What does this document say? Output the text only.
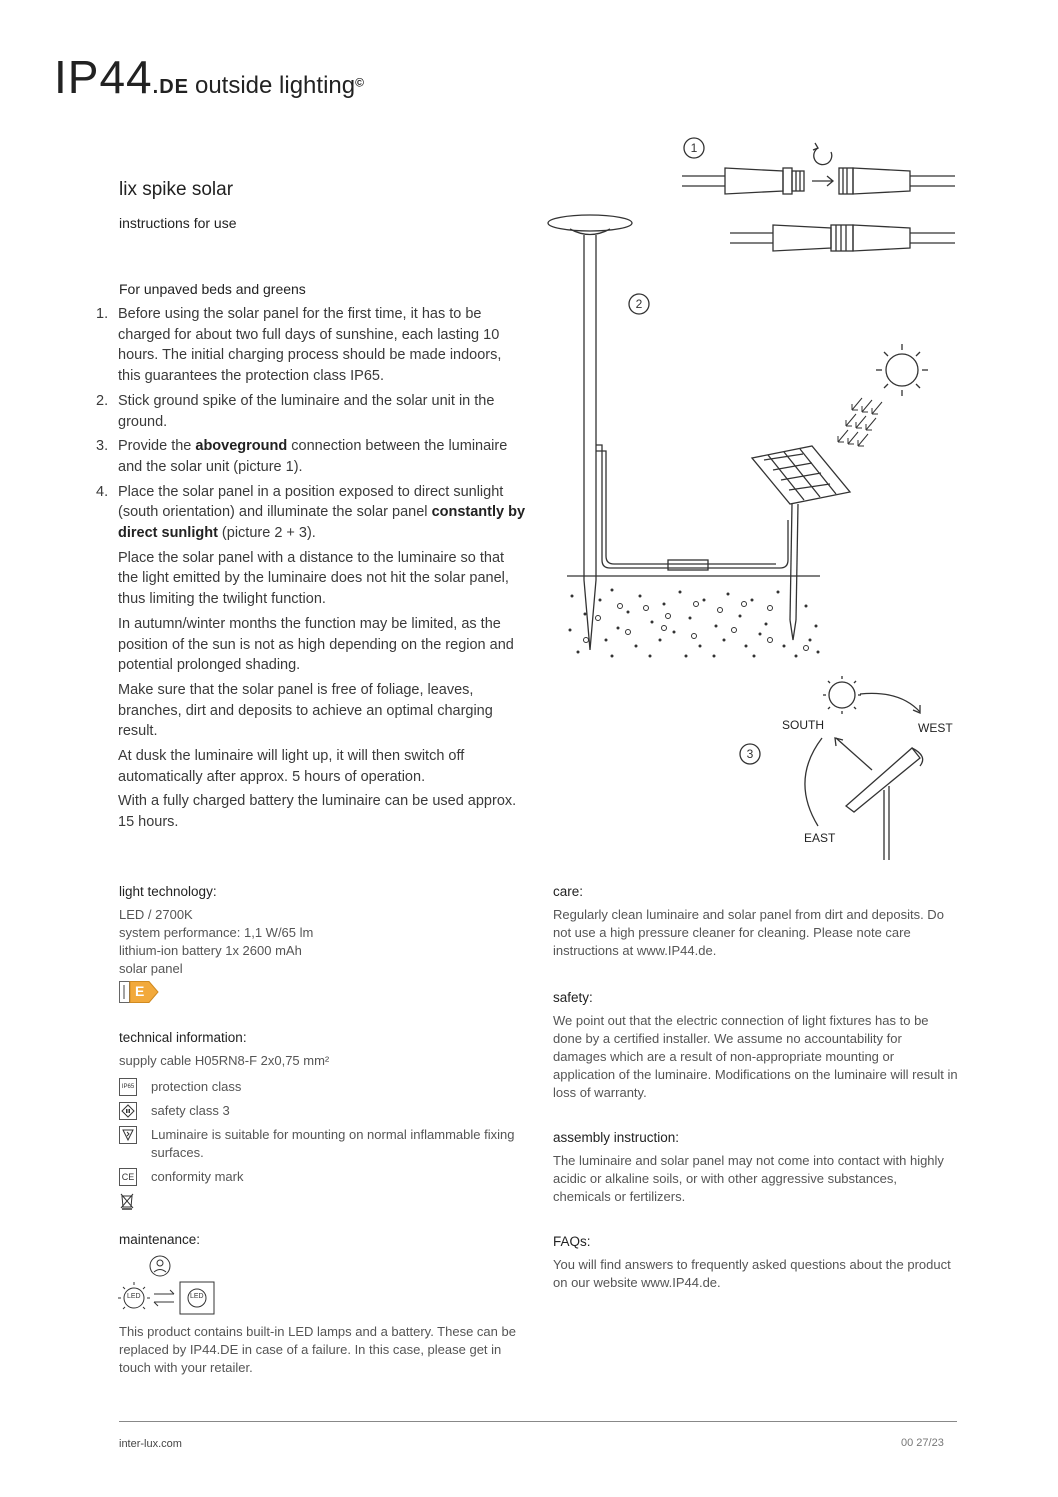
IP44.DE outside lighting©
lix spike solar
instructions for use
For unpaved beds and greens
1. Before using the solar panel for the first time, it has to be charged for about two full days of sunshine, each lasting 10 hours. The initial charging process should be made indoors, this guarantees the protection class IP65.
2. Stick ground spike of the luminaire and the solar unit in the ground.
3. Provide the aboveground connection between the luminaire and the solar unit (picture 1).
4. Place the solar panel in a position exposed to direct sunlight (south orientation) and illuminate the solar panel constantly by direct sunlight (picture 2 + 3).
Place the solar panel with a distance to the luminaire so that the light emitted by the luminaire does not hit the solar panel, thus limiting the twilight function.
In autumn/winter months the function may be limited, as the position of the sun is not as high depending on the region and potential prolonged shading.
Make sure that the solar panel is free of foliage, leaves, branches, dirt and deposits to achieve an optimal charging result.
At dusk the luminaire will light up, it will then switch off automatically after approx. 5 hours of operation.
With a fully charged battery the luminaire can be used approx. 15 hours.
1
2
3
SOUTH	WEST
EAST
light technology:
LED / 2700K
system performance: 1,1 W/65 lm
lithium-ion battery 1x 2600 mAh
solar panel
E
technical information:
supply cable H05RN8-F 2x0,75 mm²
IP65 protection class
safety class 3
Luminaire is suitable for mounting on normal inflammable fixing surfaces.
CE conformity mark
maintenance:
LED	LED
This product contains built-in LED lamps and a battery. These can be replaced by IP44.DE in case of a failure. In this case, please get in touch with your retailer.
care:
Regularly clean luminaire and solar panel from dirt and deposits. Do not use a high pressure cleaner for cleaning. Please note care instructions at www.IP44.de.
safety:
We point out that the electric connection of light fixtures has to be done by a certified installer. We assume no accountability for damages which are a result of non-appropriate mounting or application of the luminaire. Modifications on the luminaire will result in loss of warranty.
assembly instruction:
The luminaire and solar panel may not come into contact with highly acidic or alkaline soils, or with other aggressive substances, chemicals or fertilizers.
FAQs:
You will find answers to frequently asked questions about the product on our website www.IP44.de.
inter-lux.com	00 27/23
